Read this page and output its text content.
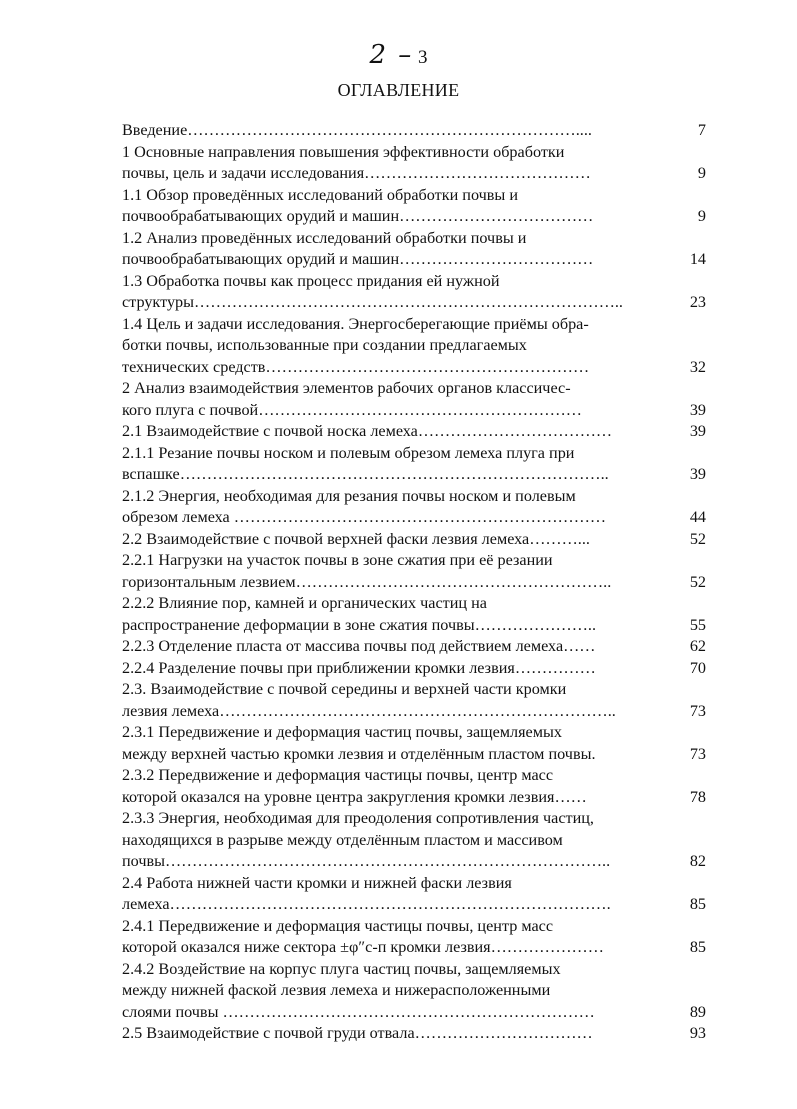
2 – 3
ОГЛАВЛЕНИЕ
Введение………………………………………………………………....	7
1 Основные направления повышения эффективности обработки
почвы, цель и задачи исследования……………………………………	9
1.1 Обзор проведённых исследований обработки почвы и
почвообрабатывающих орудий и машин………………………………	9
1.2 Анализ проведённых исследований обработки почвы и
почвообрабатывающих орудий и машин………………………………	14
1.3 Обработка почвы как процесс придания ей нужной
структуры……………………………………………………………………..	23
1.4 Цель и задачи исследования. Энергосберегающие приёмы обра-
ботки почвы, использованные при создании предлагаемых
технических средств……………………………………………………	32
2 Анализ взаимодействия элементов рабочих органов классичес-
кого плуга с почвой……………………………………………………	39
2.1 Взаимодействие с почвой носка лемеха………………………………	39
2.1.1 Резание почвы носком и полевым обрезом лемеха плуга при
вспашке……………………………………………………………………..	39
2.1.2 Энергия, необходимая для резания почвы носком и полевым
обрезом лемеха ……………………………………………………………	44
2.2 Взаимодействие с почвой верхней фаски лезвия лемеха………...	52
2.2.1 Нагрузки на участок почвы в зоне сжатия при её резании
горизонтальным лезвием…………………………………………………..	52
2.2.2 Влияние пор, камней и органических частиц на
распространение деформации в зоне сжатия почвы…………………..	55
2.2.3 Отделение пласта от массива почвы под действием лемеха……	62
2.2.4 Разделение почвы при приближении кромки лезвия……………	70
2.3. Взаимодействие с почвой середины и верхней части кромки
лезвия лемеха………………………………………………………………..	73
2.3.1 Передвижение и деформация частиц почвы, защемляемых
между верхней частью кромки лезвия и отделённым пластом почвы.	73
2.3.2 Передвижение и деформация частицы почвы, центр масс
которой оказался на уровне центра закругления кромки лезвия……	78
2.3.3 Энергия, необходимая для преодоления сопротивления частиц,
находящихся в разрыве между отделённым пластом и массивом
почвы………………………………………………………………………..	82
2.4 Работа нижней части кромки и нижней фаски лезвия
лемеха……………………………………………………………………….	85
2.4.1 Передвижение и деформация частицы почвы, центр масс
которой оказался ниже сектора ±φ″c-п кромки лезвия…………………	85
2.4.2 Воздействие на корпус плуга частиц почвы, защемляемых
между нижней фаской лезвия лемеха и нижерасположенными
слоями почвы ……………………………………………………………	89
2.5 Взаимодействие с почвой груди отвала……………………………	93
